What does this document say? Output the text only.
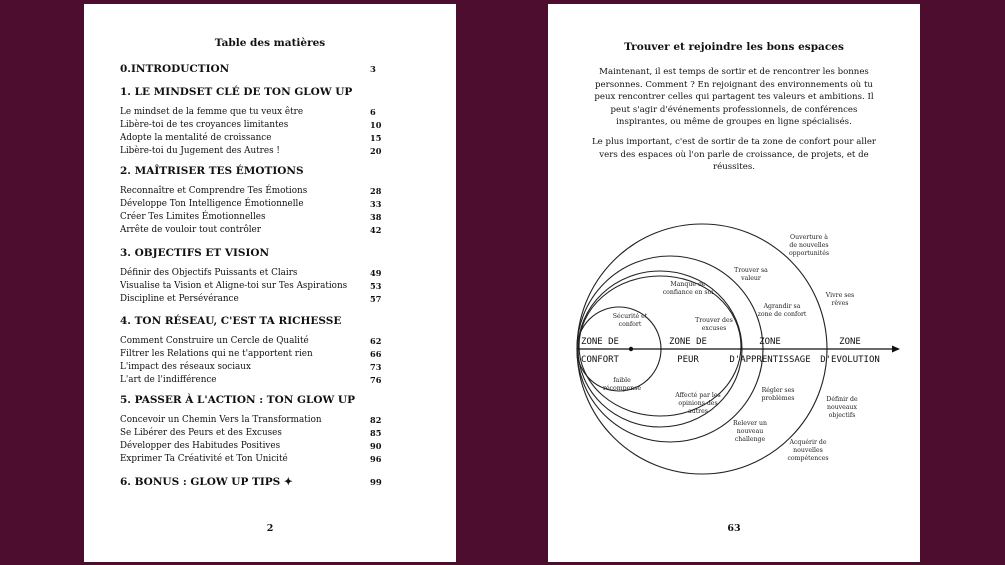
Table des matières
0.INTRODUCTION	3
1. LE MINDSET CLÉ DE TON GLOW UP
Le mindset de la femme que tu veux être	6
Libère-toi de tes croyances limitantes	10
Adopte la mentalité de croissance	15
Libère-toi du Jugement des Autres !	20
2. MAÎTRISER TES ÉMOTIONS
Reconnaître et Comprendre Tes Émotions	28
Développe Ton Intelligence Émotionnelle	33
Créer Tes Limites Émotionnelles	38
Arrête de vouloir tout contrôler	42
3. OBJECTIFS ET VISION
Définir des Objectifs Puissants et Clairs	49
Visualise ta Vision et Aligne-toi sur Tes Aspirations	53
Discipline et Persévérance	57
4. TON RÉSEAU, C'EST TA RICHESSE
Comment Construire un Cercle de Qualité	62
Filtrer les Relations qui ne t'apportent rien	66
L'impact des réseaux sociaux	73
L'art de l'indifférence	76
5. PASSER À L'ACTION : TON GLOW UP
Concevoir un Chemin Vers la Transformation	82
Se Libérer des Peurs et des Excuses	85
Développer des Habitudes Positives	90
Exprimer Ta Créativité et Ton Unicité	96
6. BONUS : GLOW UP TIPS ✦	99
2
Trouver et rejoindre les bons espaces
Maintenant, il est temps de sortir et de rencontrer les bonnes
personnes. Comment ? En rejoignant des environnements où tu
peux rencontrer celles qui partagent tes valeurs et ambitions. Il
peut s'agir d'événements professionnels, de conférences
inspirantes, ou même de groupes en ligne spécialisés.
Le plus important, c'est de sortir de ta zone de confort pour aller
vers des espaces où l'on parle de croissance, de projets, et de
réussites.
ZONE DE CONFORT
ZONE DE PEUR
ZONE D'APPRENTISSAGE
ZONE D'EVOLUTION
Sécurité et confort
faible récompense
Manque de confiance en soi
Trouver des excuses
Affecté par les opinions des autres
Trouver sa valeur
Agrandir sa zone de confort
Régler ses problèmes
Relever un nouveau challenge
Ouverture à de nouvelles opportunités
Vivre ses rêves
Définir de nouveaux objectifs
Acquérir de nouvelles compétences
63
